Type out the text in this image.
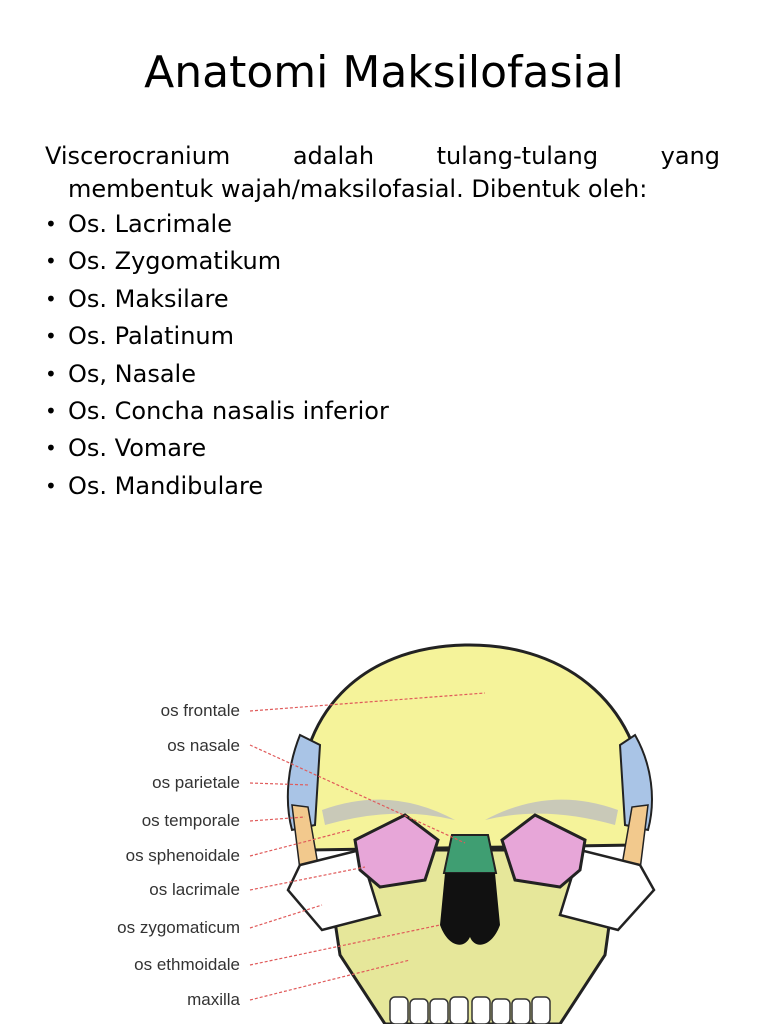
Anatomi Maksilofasial
Viscerocranium	adalah	tulang-tulang	yang
membentuk wajah/maksilofasial. Dibentuk oleh:
• Os. Lacrimale
• Os. Zygomatikum
• Os. Maksilare
• Os. Palatinum
• Os, Nasale
• Os. Concha nasalis inferior
• Os. Vomare
• Os. Mandibulare
os frontale
os nasale
os parietale
os temporale
os sphenoidale
os lacrimale
os zygomaticum
os ethmoidale
maxilla
